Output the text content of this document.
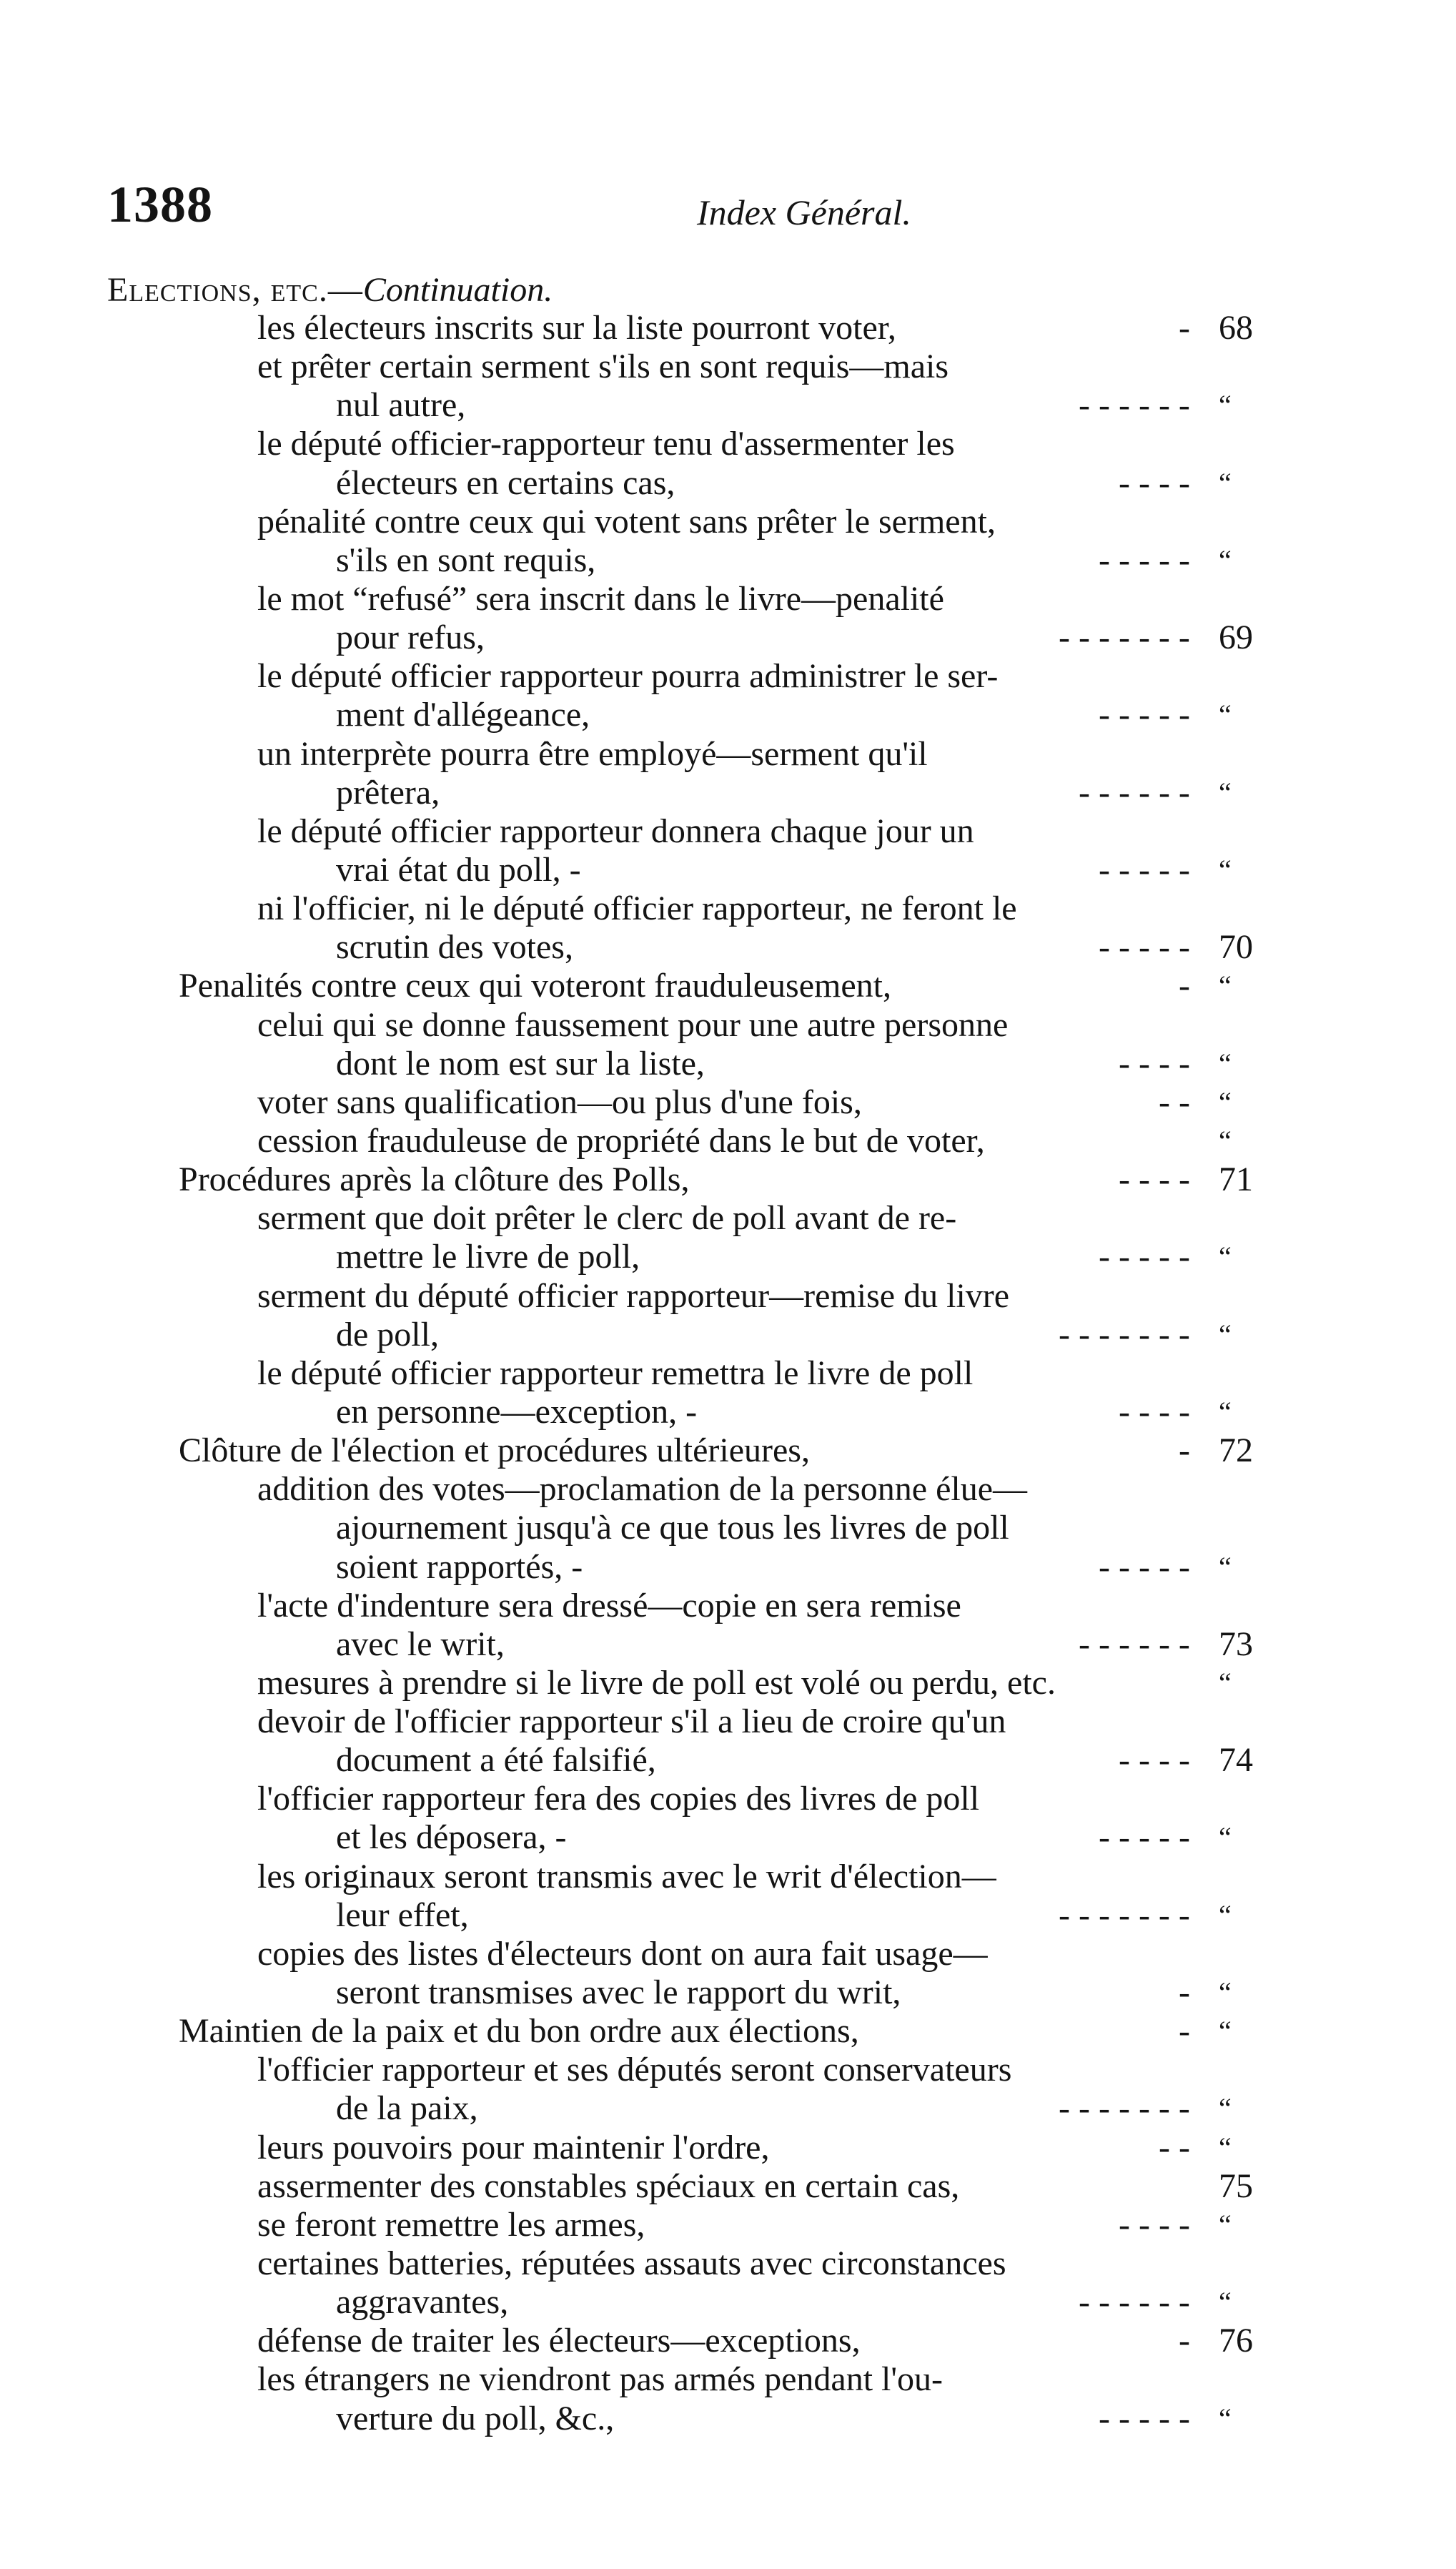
1388	Index Général.
Elections, etc.—Continuation.
les électeurs inscrits sur la liste pourront voter,	- 68
et prêter certain serment s'ils en sont requis—mais
nul autre,	- - - - - - “
le député officier-rapporteur tenu d'assermenter les
électeurs en certains cas,	- - - - “
pénalité contre ceux qui votent sans prêter le serment,
s'ils en sont requis,	- - - - - “
le mot “refusé” sera inscrit dans le livre—penalité
pour refus,	- - - - - - - 69
le député officier rapporteur pourra administrer le ser-
ment d'allégeance,	- - - - - “
un interprète pourra être employé—serment qu'il
prêtera,	- - - - - - “
le député officier rapporteur donnera chaque jour un
vrai état du poll, -	- - - - - “
ni l'officier, ni le député officier rapporteur, ne feront le
scrutin des votes,	- - - - - 70
Penalités contre ceux qui voteront frauduleusement,	- “
celui qui se donne faussement pour une autre personne
dont le nom est sur la liste,	- - - - “
voter sans qualification—ou plus d'une fois,	- - “
cession frauduleuse de propriété dans le but de voter,	“
Procédures après la clôture des Polls,	- - - - 71
serment que doit prêter le clerc de poll avant de re-
mettre le livre de poll,	- - - - - “
serment du député officier rapporteur—remise du livre
de poll,	- - - - - - - “
le député officier rapporteur remettra le livre de poll
en personne—exception, -	- - - - “
Clôture de l'élection et procédures ultérieures,	- 72
addition des votes—proclamation de la personne élue—
ajournement jusqu'à ce que tous les livres de poll
soient rapportés, -	- - - - - “
l'acte d'indenture sera dressé—copie en sera remise
avec le writ,	- - - - - - 73
mesures à prendre si le livre de poll est volé ou perdu, etc.	“
devoir de l'officier rapporteur s'il a lieu de croire qu'un
document a été falsifié,	- - - - 74
l'officier rapporteur fera des copies des livres de poll
et les déposera, -	- - - - - “
les originaux seront transmis avec le writ d'élection—
leur effet,	- - - - - - - “
copies des listes d'électeurs dont on aura fait usage—
seront transmises avec le rapport du writ,	- “
Maintien de la paix et du bon ordre aux élections,	- “
l'officier rapporteur et ses députés seront conservateurs
de la paix,	- - - - - - - “
leurs pouvoirs pour maintenir l'ordre,	- - “
assermenter des constables spéciaux en certain cas,	75
se feront remettre les armes,	- - - - “
certaines batteries, réputées assauts avec circonstances
aggravantes,	- - - - - - “
défense de traiter les électeurs—exceptions,	- 76
les étrangers ne viendront pas armés pendant l'ou-
verture du poll, &c.,	- - - - - “
